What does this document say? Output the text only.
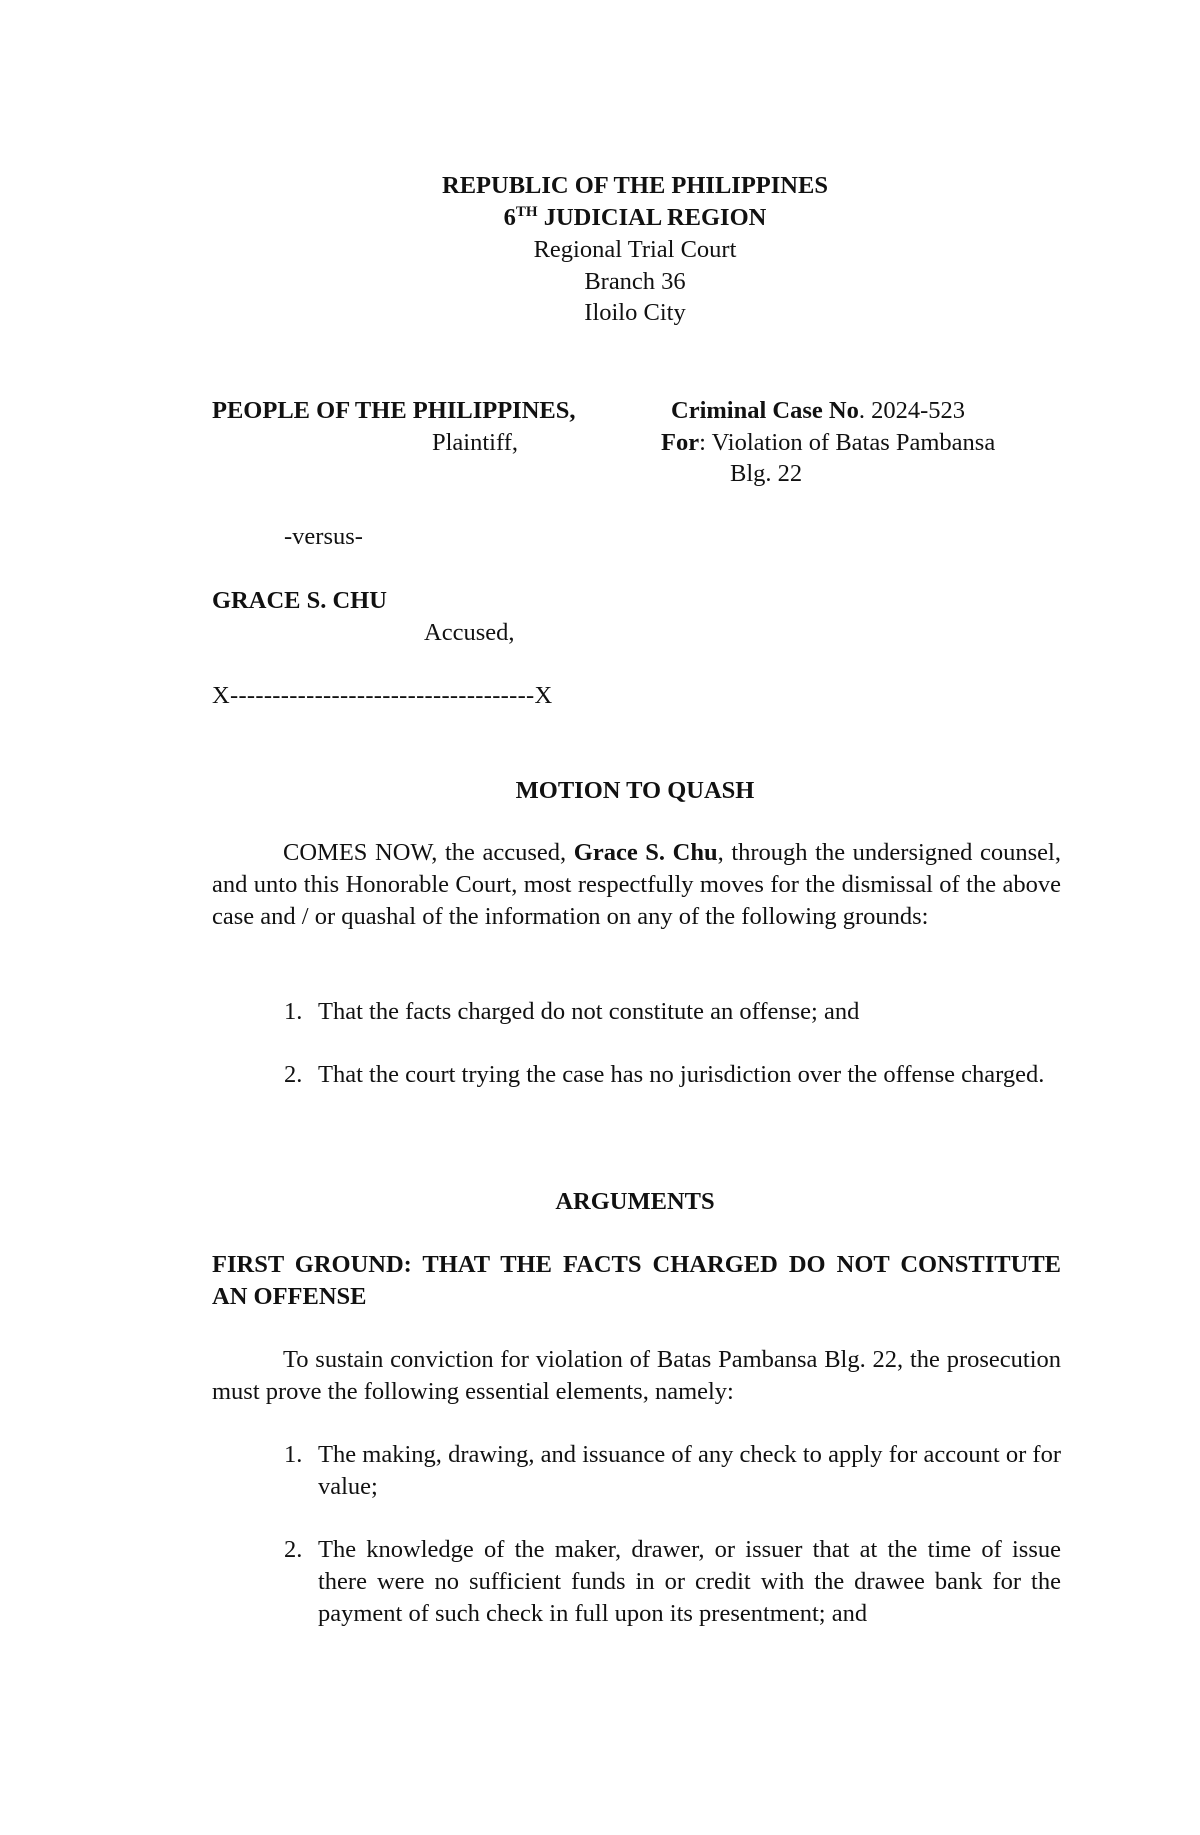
REPUBLIC OF THE PHILIPPINES
6TH JUDICIAL REGION
Regional Trial Court
Branch 36
Iloilo City
PEOPLE OF THE PHILIPPINES,
Plaintiff,
Criminal Case No. 2024-523
For: Violation of Batas Pambansa
Blg. 22
-versus-
GRACE S. CHU
Accused,
X------------------------------------X
MOTION TO QUASH
COMES NOW, the accused, Grace S. Chu, through the undersigned counsel, and unto this Honorable Court, most respectfully moves for the dismissal of the above case and / or quashal of the information on any of the following grounds:
1. That the facts charged do not constitute an offense; and
2. That the court trying the case has no jurisdiction over the offense charged.
ARGUMENTS
FIRST GROUND: THAT THE FACTS CHARGED DO NOT CONSTITUTE AN OFFENSE
To sustain conviction for violation of Batas Pambansa Blg. 22, the prosecution must prove the following essential elements, namely:
1. The making, drawing, and issuance of any check to apply for account or for value;
2. The knowledge of the maker, drawer, or issuer that at the time of issue there were no sufficient funds in or credit with the drawee bank for the payment of such check in full upon its presentment; and
